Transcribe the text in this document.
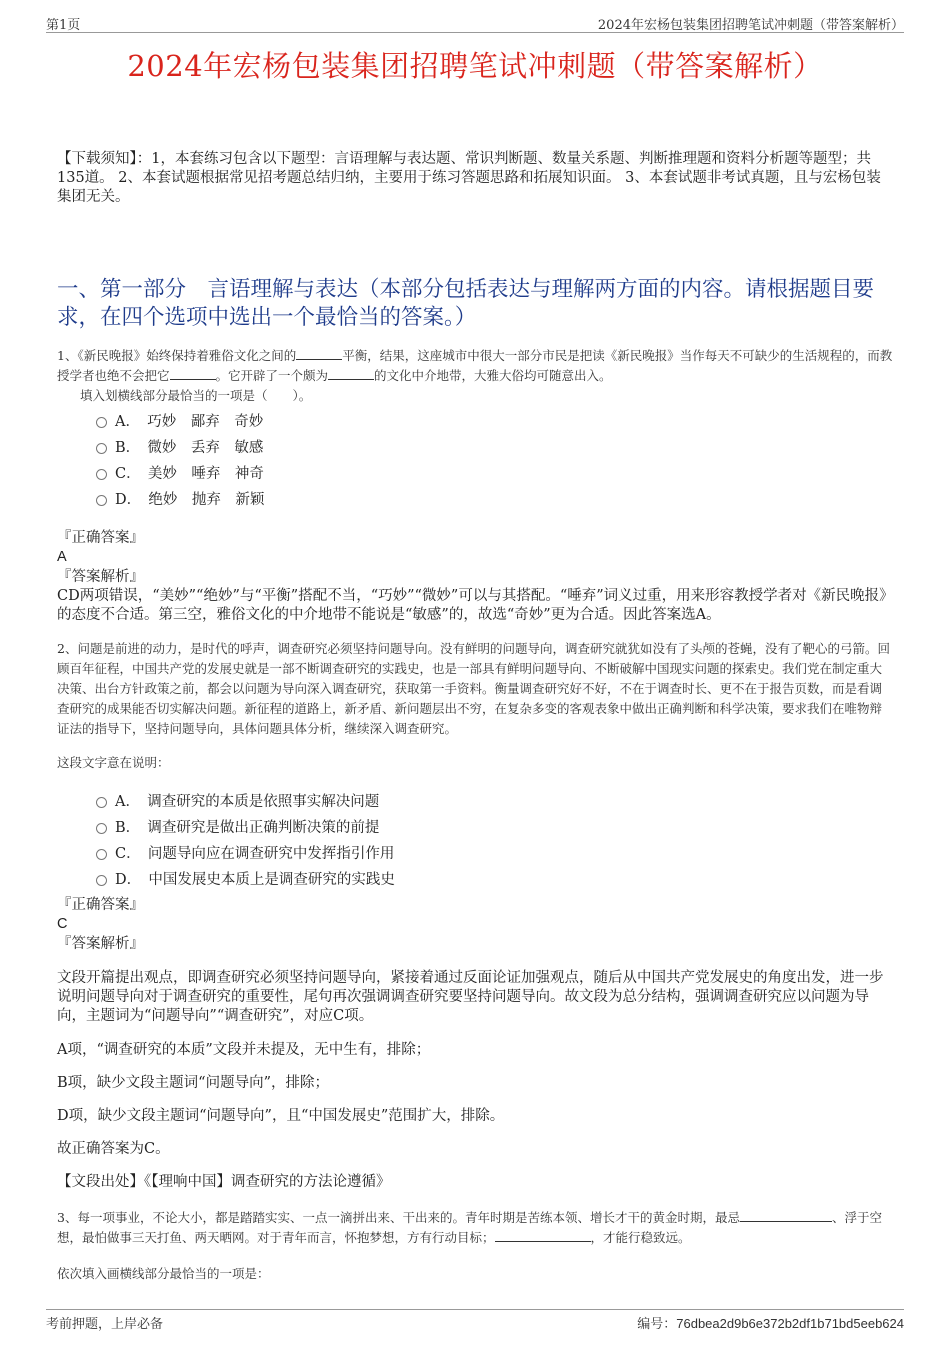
第1页	2024年宏杨包装集团招聘笔试冲刺题（带答案解析）
2024年宏杨包装集团招聘笔试冲刺题（带答案解析）
【下载须知】：1，本套练习包含以下题型：言语理解与表达题、常识判断题、数量关系题、判断推理题和资料分析题等题型；共135道。 2、本套试题根据常见招考题总结归纳，主要用于练习答题思路和拓展知识面。 3、本套试题非考试真题，且与宏杨包装集团无关。
一、第一部分　言语理解与表达（本部分包括表达与理解两方面的内容。请根据题目要求，在四个选项中选出一个最恰当的答案。）
1、《新民晚报》始终保持着雅俗文化之间的	平衡，结果，这座城市中很大一部分市民是把读《新民晚报》当作每天不可缺少的生活规程的，而教授学者也绝不会把它	。它开辟了一个颇为	的文化中介地带，大雅大俗均可随意出入。
填入划横线部分最恰当的一项是（　　）。
A．　巧妙　鄙弃　奇妙
B．　微妙　丢弃　敏感
C．　美妙　唾弃　神奇
D．　绝妙　抛弃　新颖
『正确答案』
A
『答案解析』
CD两项错误，“美妙”“绝妙”与“平衡”搭配不当，“巧妙”“微妙”可以与其搭配。“唾弃”词义过重，用来形容教授学者对《新民晚报》的态度不合适。第三空，雅俗文化的中介地带不能说是“敏感”的，故选“奇妙”更为合适。因此答案选A。
2、问题是前进的动力，是时代的呼声，调查研究必须坚持问题导向。没有鲜明的问题导向，调查研究就犹如没有了头颅的苍蝇，没有了靶心的弓箭。回顾百年征程，中国共产党的发展史就是一部不断调查研究的实践史，也是一部具有鲜明问题导向、不断破解中国现实问题的探索史。我们党在制定重大决策、出台方针政策之前，都会以问题为导向深入调查研究，获取第一手资料。衡量调查研究好不好，不在于调查时长、更不在于报告页数，而是看调查研究的成果能否切实解决问题。新征程的道路上，新矛盾、新问题层出不穷，在复杂多变的客观表象中做出正确判断和科学决策，要求我们在唯物辩证法的指导下，坚持问题导向，具体问题具体分析，继续深入调查研究。
这段文字意在说明：
A．　调查研究的本质是依照事实解决问题
B．　调查研究是做出正确判断决策的前提
C．　问题导向应在调查研究中发挥指引作用
D．　中国发展史本质上是调查研究的实践史
『正确答案』
C
『答案解析』
文段开篇提出观点，即调查研究必须坚持问题导向，紧接着通过反面论证加强观点，随后从中国共产党发展史的角度出发，进一步说明问题导向对于调查研究的重要性，尾句再次强调调查研究要坚持问题导向。故文段为总分结构，强调调查研究应以问题为导向，主题词为“问题导向”“调查研究”，对应C项。
A项，“调查研究的本质”文段并未提及，无中生有，排除；
B项，缺少文段主题词“问题导向”，排除；
D项，缺少文段主题词“问题导向”，且“中国发展史”范围扩大，排除。
故正确答案为C。
【文段出处】《【理响中国】调查研究的方法论遵循》
3、每一项事业，不论大小，都是踏踏实实、一点一滴拼出来、干出来的。青年时期是苦练本领、增长才干的黄金时期，最忌	、浮于空想，最怕做事三天打鱼、两天晒网。对于青年而言，怀抱梦想，方有行动目标；	，才能行稳致远。
依次填入画横线部分最恰当的一项是：
考前押题，上岸必备	编号：76dbea2d9b6e372b2df1b71bd5eeb624
